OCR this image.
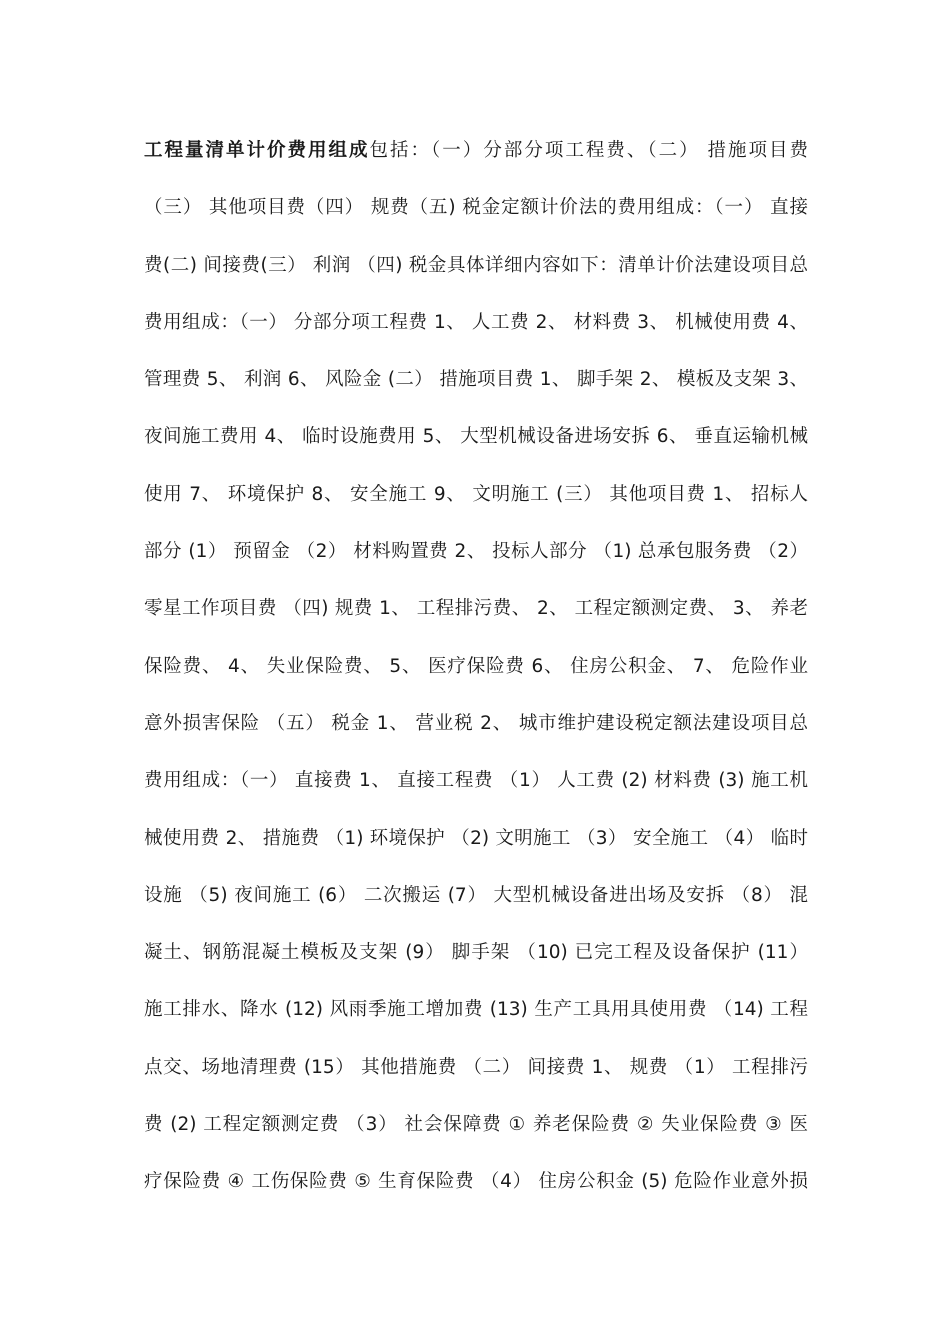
工程量清单计价费用组成包括：（一）分部分项工程费、（二） 措施项目费
（三） 其他项目费（四） 规费（五) 税金定额计价法的费用组成：（一） 直接
费(二) 间接费(三） 利润 （四) 税金具体详细内容如下：清单计价法建设项目总
费用组成：（一） 分部分项工程费 1、 人工费 2、 材料费 3、 机械使用费 4、
管理费 5、 利润 6、 风险金 (二） 措施项目费 1、 脚手架 2、 模板及支架 3、
夜间施工费用 4、 临时设施费用 5、 大型机械设备进场安拆 6、 垂直运输机械
使用 7、 环境保护 8、 安全施工 9、 文明施工 (三） 其他项目费 1、 招标人
部分 (1） 预留金 （2） 材料购置费 2、 投标人部分 （1) 总承包服务费 （2）
零星工作项目费 （四) 规费 1、 工程排污费、 2、 工程定额测定费、 3、 养老
保险费、 4、 失业保险费、 5、 医疗保险费 6、 住房公积金、 7、 危险作业
意外损害保险 （五） 税金 1、 营业税 2、 城市维护建设税定额法建设项目总
费用组成：（一） 直接费 1、 直接工程费 （1） 人工费 (2) 材料费 (3) 施工机
械使用费 2、 措施费 （1) 环境保护 （2) 文明施工 （3） 安全施工 （4） 临时
设施 （5) 夜间施工 (6） 二次搬运 (7） 大型机械设备进出场及安拆 （8） 混
凝土、钢筋混凝土模板及支架 (9） 脚手架 （10) 已完工程及设备保护 (11）
施工排水、降水 (12) 风雨季施工增加费 (13) 生产工具用具使用费 （14) 工程
点交、场地清理费 (15） 其他措施费 （二） 间接费 1、 规费 （1） 工程排污
费 (2) 工程定额测定费 （3） 社会保障费 ① 养老保险费 ② 失业保险费 ③ 医
疗保险费 ④ 工伤保险费 ⑤ 生育保险费 （4） 住房公积金 (5) 危险作业意外损
